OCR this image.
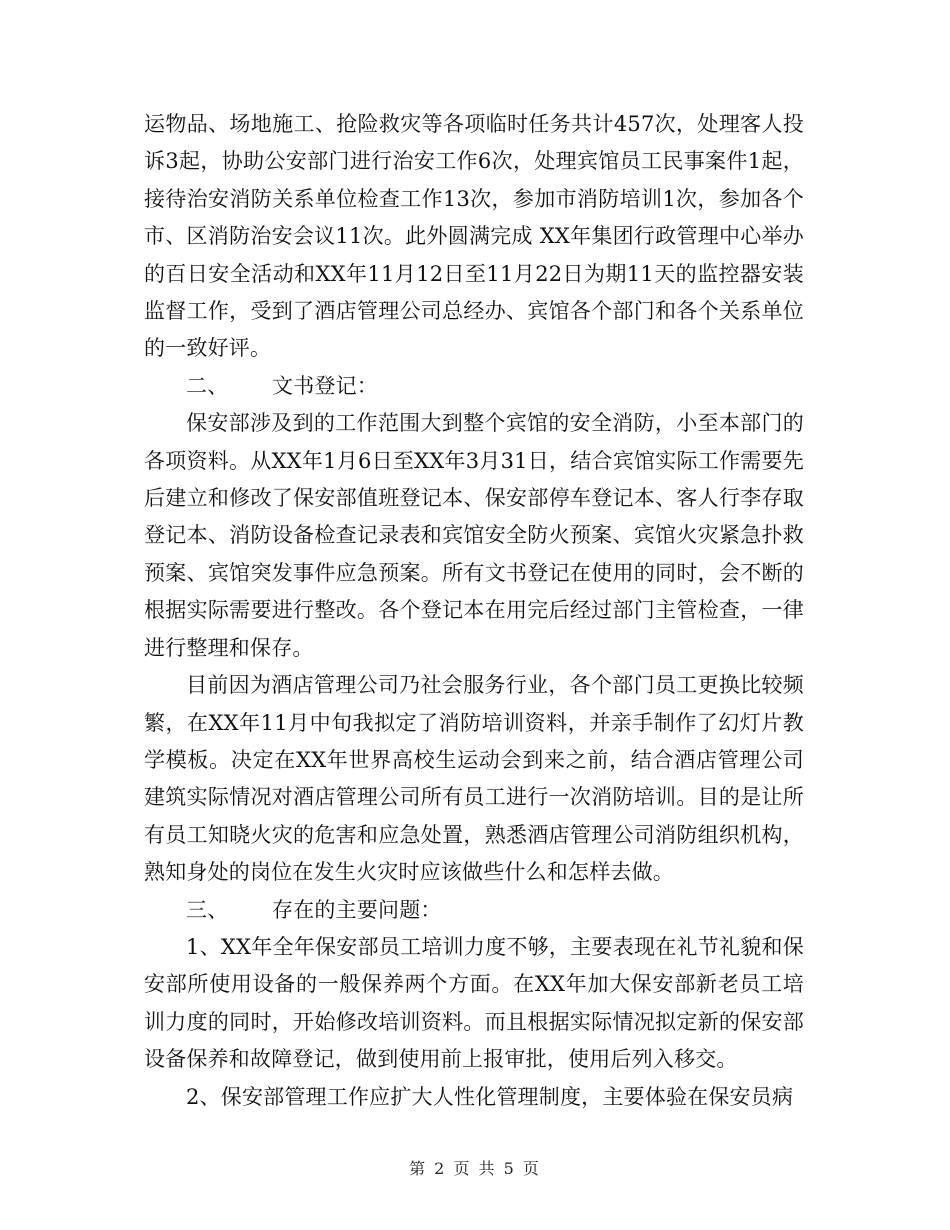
运物品、场地施工、抢险救灾等各项临时任务共计457次，处理客人投诉3起，协助公安部门进行治安工作6次，处理宾馆员工民事案件1起，接待治安消防关系单位检查工作13次，参加市消防培训1次，参加各个市、区消防治安会议11次。此外圆满完成 XX年集团行政管理中心举办的百日安全活动和XX年11月12日至11月22日为期11天的监控器安装监督工作，受到了酒店管理公司总经办、宾馆各个部门和各个关系单位的一致好评。

二、 文书登记：

保安部涉及到的工作范围大到整个宾馆的安全消防，小至本部门的各项资料。从XX年1月6日至XX年3月31日，结合宾馆实际工作需要先后建立和修改了保安部值班登记本、保安部停车登记本、客人行李存取登记本、消防设备检查记录表和宾馆安全防火预案、宾馆火灾紧急扑救预案、宾馆突发事件应急预案。所有文书登记在使用的同时，会不断的根据实际需要进行整改。各个登记本在用完后经过部门主管检查，一律进行整理和保存。

目前因为酒店管理公司乃社会服务行业，各个部门员工更换比较频繁，在XX年11月中旬我拟定了消防培训资料，并亲手制作了幻灯片教学模板。决定在XX年世界高校生运动会到来之前，结合酒店管理公司建筑实际情况对酒店管理公司所有员工进行一次消防培训。目的是让所有员工知晓火灾的危害和应急处置，熟悉酒店管理公司消防组织机构，熟知身处的岗位在发生火灾时应该做些什么和怎样去做。

三、 存在的主要问题：

1、XX年全年保安部员工培训力度不够，主要表现在礼节礼貌和保安部所使用设备的一般保养两个方面。在XX年加大保安部新老员工培训力度的同时，开始修改培训资料。而且根据实际情况拟定新的保安部设备保养和故障登记，做到使用前上报审批，使用后列入移交。

2、保安部管理工作应扩大人性化管理制度，主要体验在保安员病

第 2 页 共 5 页
